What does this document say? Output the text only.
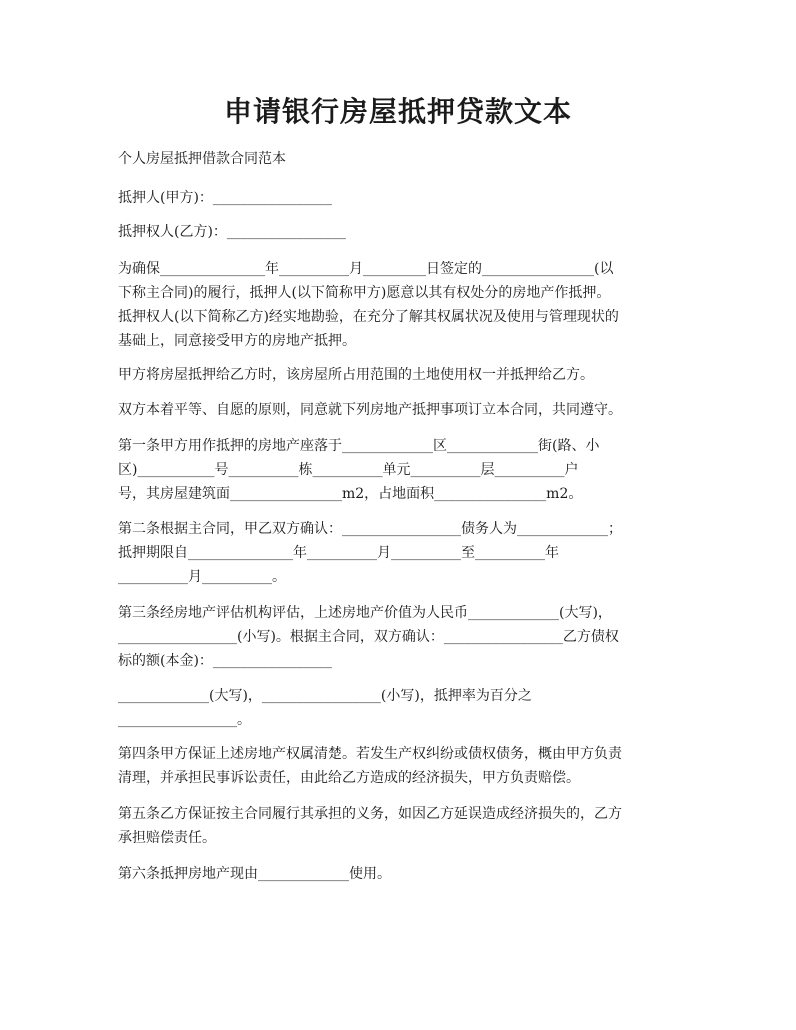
申请银行房屋抵押贷款文本

个人房屋抵押借款合同范本

抵押人(甲方)：_________________

抵押权人(乙方)：_________________

为确保_______________年__________月_________日签定的________________(以
下称主合同)的履行，抵押人(以下简称甲方)愿意以其有权处分的房地产作抵押。
抵押权人(以下简称乙方)经实地勘验，在充分了解其权属状况及使用与管理现状的
基础上，同意接受甲方的房地产抵押。

甲方将房屋抵押给乙方时，该房屋所占用范围的土地使用权一并抵押给乙方。

双方本着平等、自愿的原则，同意就下列房地产抵押事项订立本合同，共同遵守。

第一条甲方用作抵押的房地产座落于_____________区_____________街(路、小
区)___________号__________栋__________单元__________层__________户
号，其房屋建筑面________________m2，占地面积________________m2。

第二条根据主合同，甲乙双方确认：_________________债务人为_____________；
抵押期限自_______________年__________月__________至__________年
__________月__________。

第三条经房地产评估机构评估，上述房地产价值为人民币_____________(大写)，
_________________(小写)。根据主合同，双方确认：_________________乙方债权
标的额(本金)：_________________

_____________(大写)，_________________(小写)，抵押率为百分之
_________________。

第四条甲方保证上述房地产权属清楚。若发生产权纠纷或债权债务，概由甲方负责
清理，并承担民事诉讼责任，由此给乙方造成的经济损失，甲方负责赔偿。

第五条乙方保证按主合同履行其承担的义务，如因乙方延误造成经济损失的，乙方
承担赔偿责任。

第六条抵押房地产现由_____________使用。
